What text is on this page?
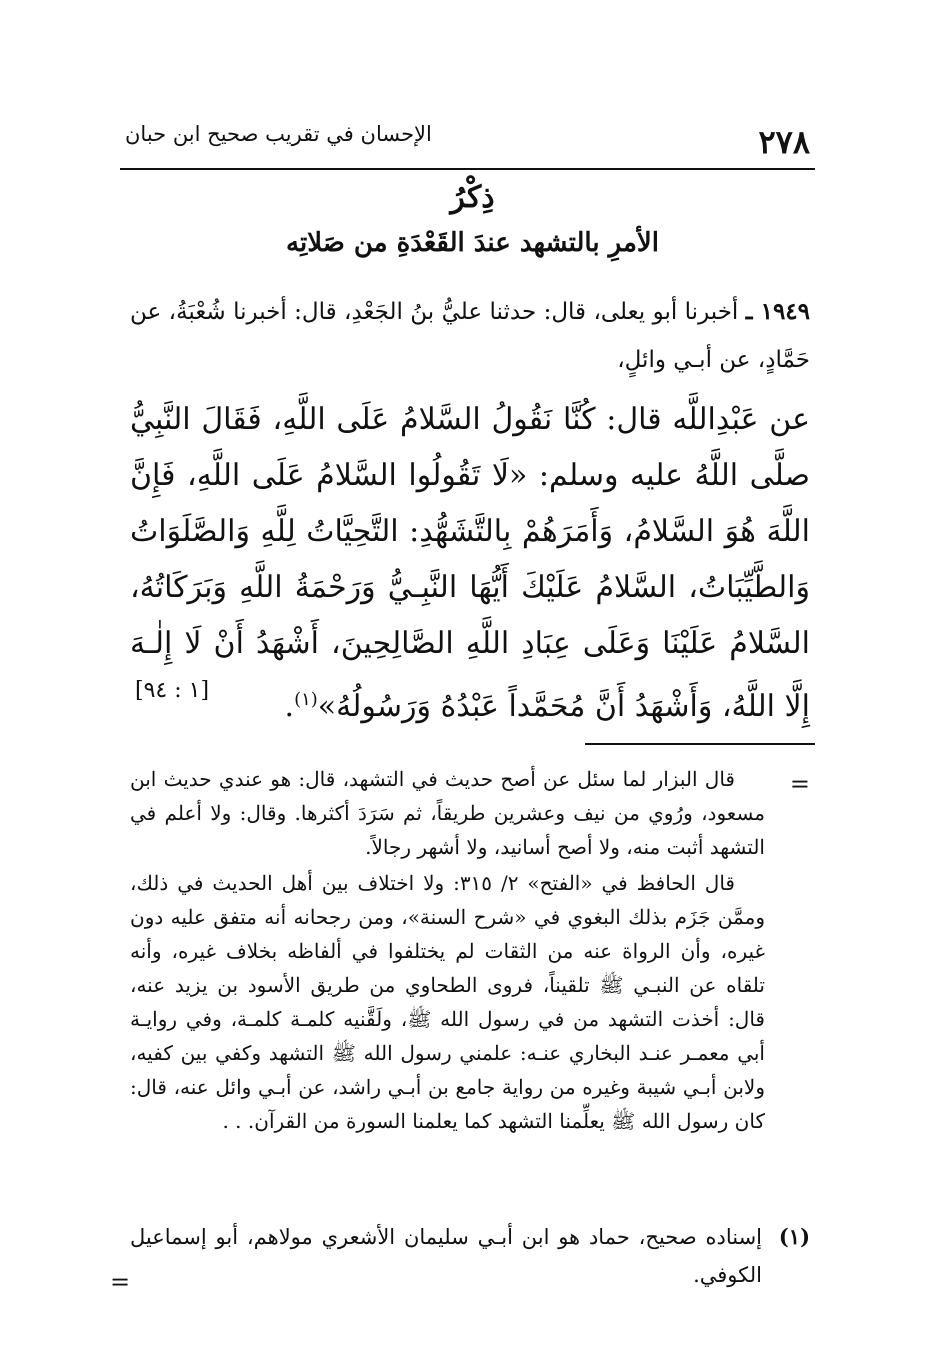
٢٧٨
الإحسان في تقريب صحيح ابن حبان
ذِكْرُ
الأمرِ بالتشهد عندَ القَعْدَةِ من صَلاتِه
١٩٤٩ ـ أخبرنا أبو يعلى، قال: حدثنا عليُّ بنُ الجَعْدِ، قال: أخبرنا شُعْبَةُ، عن حَمَّادٍ، عن أبـي وائلٍ،
عن عَبْدِاللَّه قال: كُنَّا نَقُولُ السَّلامُ عَلَى اللَّهِ، فَقَالَ النَّبِيُّ صلَّى اللَّهُ عليه وسلم: «لَا تَقُولُوا السَّلامُ عَلَى اللَّهِ، فَإِنَّ اللَّهَ هُوَ السَّلامُ، وَأَمَرَهُمْ بِالتَّشَهُّدِ: التَّحِيَّاتُ لِلَّهِ وَالصَّلَوَاتُ وَالطَّيِّبَاتُ، السَّلامُ عَلَيْكَ أَيُّهَا النَّبِـيُّ وَرَحْمَةُ اللَّهِ وَبَرَكَاتُهُ، السَّلامُ عَلَيْنَا وَعَلَى عِبَادِ اللَّهِ الصَّالِحِينَ، أَشْهَدُ أَنْ لَا إِلٰـهَ إِلَّا اللَّهُ، وَأَشْهَدُ أَنَّ مُحَمَّداً عَبْدُهُ وَرَسُولُهُ»$^{(١)}$.
[١ : ٩٤]
=

قال البزار لما سئل عن أصح حديث في التشهد، قال: هو عندي حديث ابن مسعود، ورُوي من نيف وعشرين طريقاً، ثم سَرَدَ أكثرها. وقال: ولا أعلم في التشهد أثبت منه، ولا أصح أسانيد، ولا أشهر رجالاً.

قال الحافظ في «الفتح» ٢/ ٣١٥: ولا اختلاف بين أهل الحديث في ذلك، وممَّن جَزَم بذلك البغوي في «شرح السنة»، ومن رجحانه أنه متفق عليه دون غيره، وأن الرواة عنه من الثقات لم يختلفوا في ألفاظه بخلاف غيره، وأنه تلقاه عن النبـي ﷺ تلقيناً، فروى الطحاوي من طريق الأسود بن يزيد عنه، قال: أخذت التشهد من في رسول الله ﷺ، ولَقَّنيه كلمـة كلمـة، وفي روايـة أبي معمـر عنـد البخاري عنـه: علمني رسول الله ﷺ التشهد وكفي بين كفيه، ولابن أبـي شيبة وغيره من رواية جامع بن أبـي راشد، عن أبـي وائل عنه، قال: كان رسول الله ﷺ يعلِّمنا التشهد كما يعلمنا السورة من القرآن. . .

(١)
إسناده صحيح، حماد هو ابن أبـي سليمان الأشعري مولاهم، أبو إسماعيل الكوفي.
=
